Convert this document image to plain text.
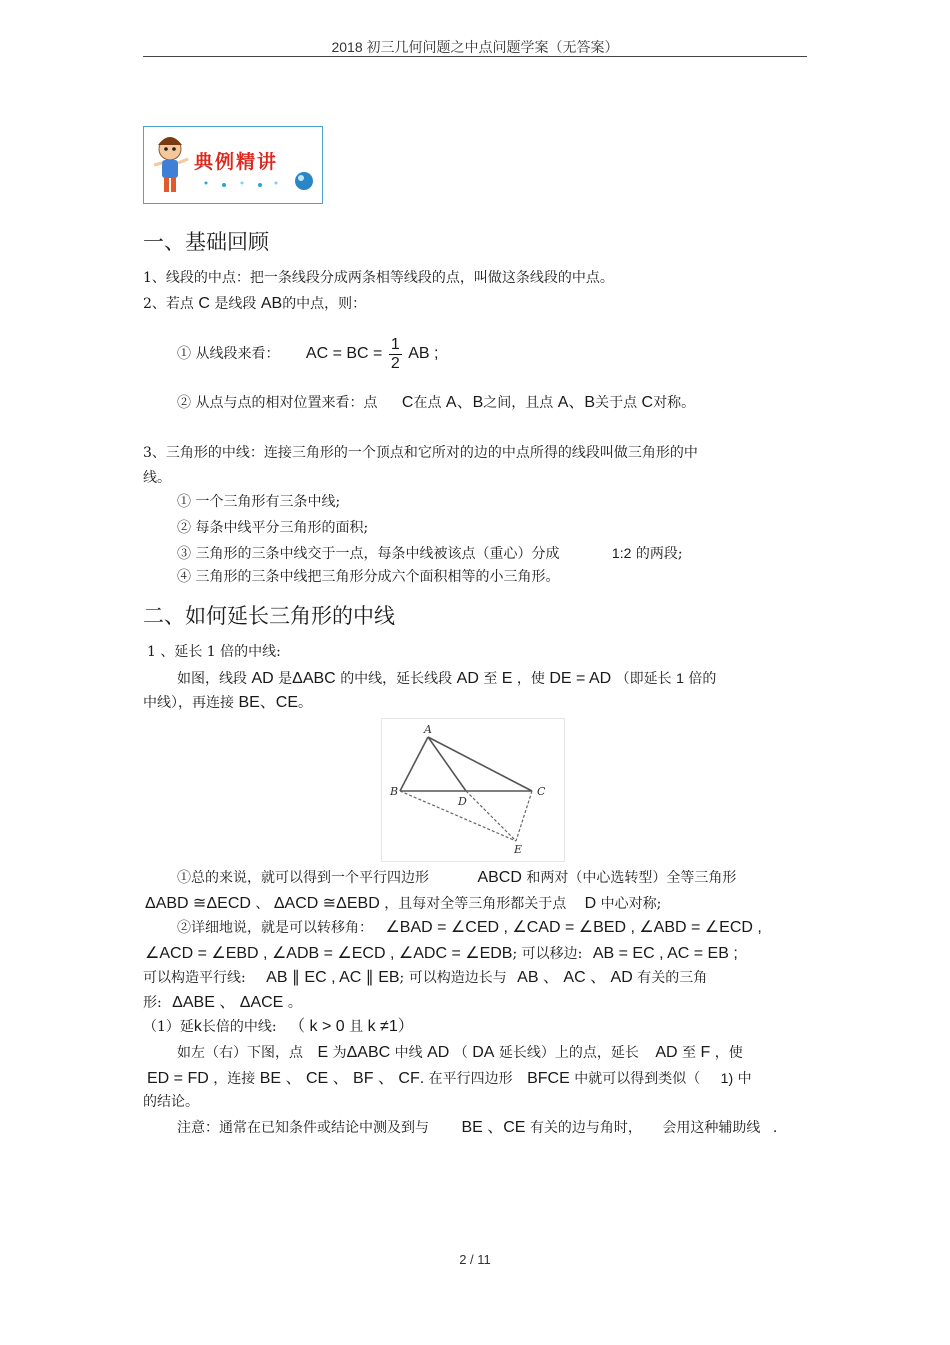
2018 初三几何问题之中点问题学案（无答案）
典例精讲
一、基础回顾
1、线段的中点：把一条线段分成两条相等线段的点，叫做这条线段的中点。
2、若点 C 是线段 AB的中点，则：
① 从线段来看： AC = BC = $\frac{1}{2}$ AB ;
② 从点与点的相对位置来看：点 C在点 A、B之间，且点 A、B关于点 C对称。
3、三角形的中线：连接三角形的一个顶点和它所对的边的中点所得的线段叫做三角形的中
线。
① 一个三角形有三条中线;
② 每条中线平分三角形的面积;
③ 三角形的三条中线交于一点，每条中线被该点（重心）分成	1:2 的两段;
④ 三角形的三条中线把三角形分成六个面积相等的小三角形。
二、如何延长三角形的中线
1 、延长 1 倍的中线:
如图，线段 AD 是ΔABC 的中线，延长线段 AD 至 E ，使 DE = AD （即延长 1 倍的
中线），再连接 BE、CE。
A
B	C
D
E
①总的来说，就可以得到一个平行四边形	ABCD 和两对（中心选转型）全等三角形
ΔABD ≅ΔECD 、 ΔACD ≅ΔEBD ，且每对全等三角形都关于点 D 中心对称;
②详细地说，就是可以转移角： ∠BAD = ∠CED , ∠CAD = ∠BED , ∠ABD = ∠ECD ,
∠ACD = ∠EBD , ∠ADB = ∠ECD , ∠ADC = ∠EDB; 可以移边: AB = EC , AC = EB ;
可以构造平行线: AB ∥ EC , AC ∥ EB; 可以构造边长与 AB 、 AC 、 AD 有关的三角
形: ΔABE 、 ΔACE 。
（1）延k长倍的中线: （ k > 0 且 k ≠1）
如左（右）下图，点 E 为ΔABC 中线 AD （ DA 延长线）上的点，延长 AD 至 F ，使
ED = FD ，连接 BE 、 CE 、 BF 、 CF. 在平行四边形 BFCE 中就可以得到类似（ 1) 中
的结论。
注意：通常在已知条件或结论中测及到与 BE 、CE 有关的边与角时， 会用这种辅助线 .
2 / 11
